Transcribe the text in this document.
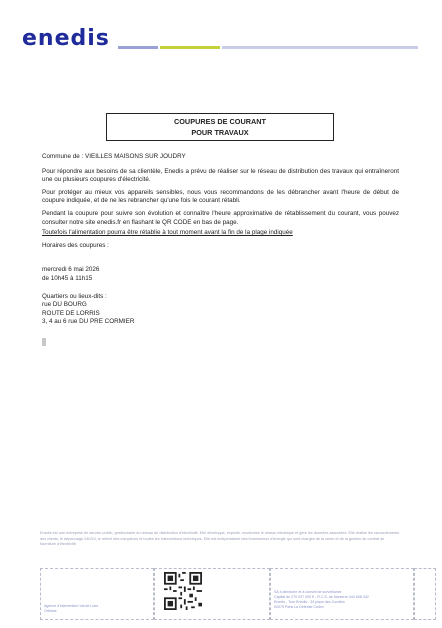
enedis
COUPURES DE COURANT
POUR TRAVAUX

Commune de : VIEILLES MAISONS SUR JOUDRY

Pour répondre aux besoins de sa clientèle, Enedis a prévu de réaliser sur le réseau de distribution des travaux qui entraîneront une ou plusieurs coupures d'électricité.

Pour protéger au mieux vos appareils sensibles, nous vous recommandons de les débrancher avant l'heure de début de coupure indiquée, et de ne les rebrancher qu'une fois le courant rétabli.

Pendant la coupure pour suivre son évolution et connaître l'heure approximative de rétablissement du courant, vous pouvez consulter notre site enedis.fr en flashant le QR CODE en bas de page.

Toutefois l'alimentation pourra être rétablie à tout moment avant la fin de la plage indiquée

Horaires des coupures :

mercredi 6 mai 2026

de 10h45 à 11h15

Quartiers ou lieux-dits :

rue DU BOURG

ROUTE DE LORRIS

3, 4 au 6 rue DU PRE CORMIER

Enedis est une entreprise de service public, gestionnaire du réseau de distribution d'électricité. Elle développe, exploite, modernise le réseau électrique et gère les données associées. Elle réalise les raccordements des clients, le dépannage 24h/24, le relevé des compteurs et toutes les interventions techniques. Elle est indépendante des fournisseurs d'énergie qui sont chargés de la vente et de la gestion du contrat de fourniture d'électricité.
Agence d'intervention Val de Loire
Orléans
SA à directoire et à conseil de surveillance
Capital de 270 037 000 € - R.C.S. de Nanterre 444 608 442
Enedis - Tour Enedis - 34 place des Corolles
92079 Paris La Défense Cedex
